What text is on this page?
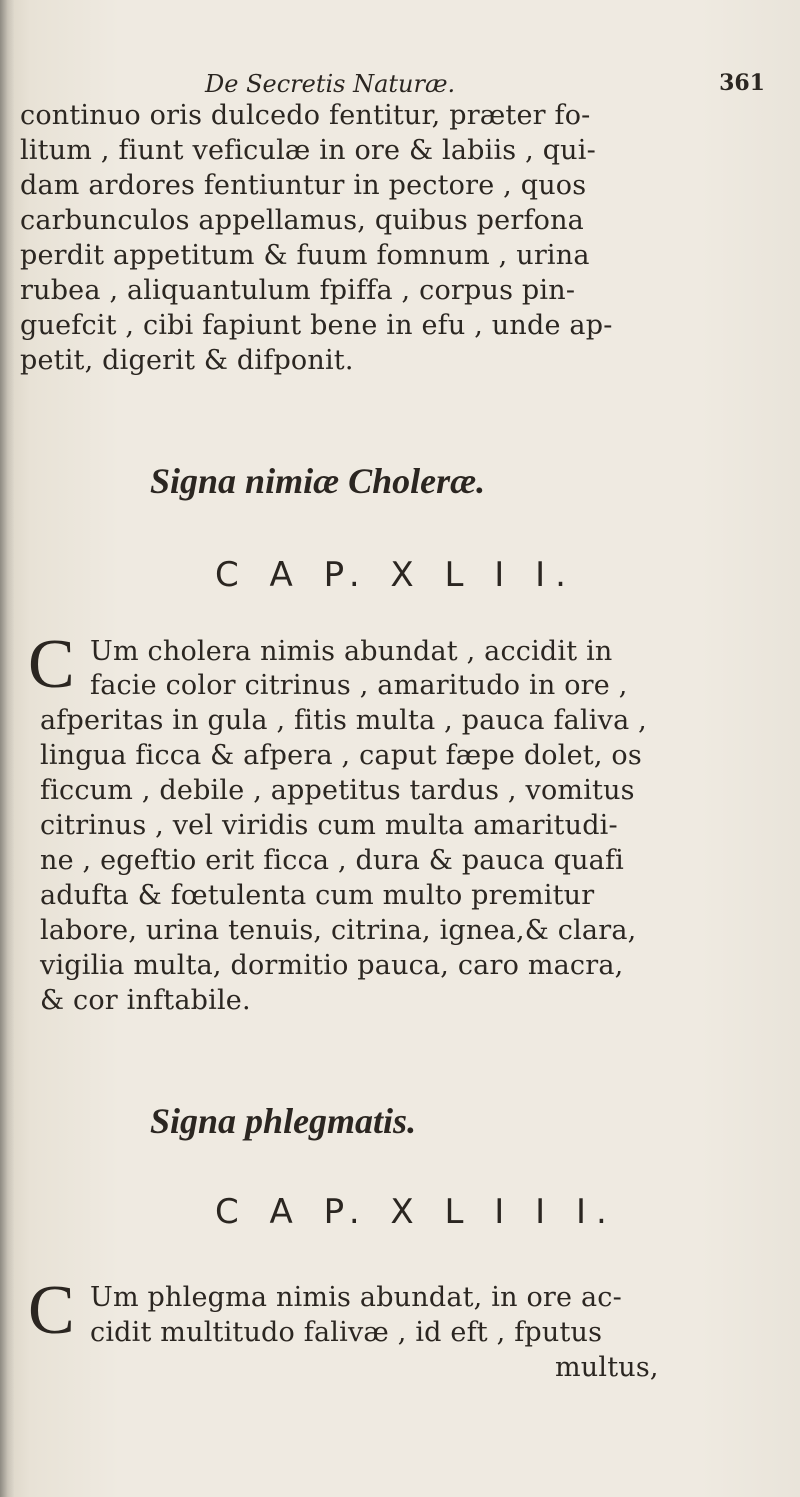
De Secretis Naturæ.	361
continuo oris dulcedo fentitur, præter fo-
litum , fiunt veficulæ in ore & labiis , qui-
dam ardores fentiuntur in pectore , quos
carbunculos appellamus, quibus perfona
perdit appetitum & fuum fomnum , urina
rubea , aliquantulum fpiffa , corpus pin-
guefcit , cibi fapiunt bene in efu , unde ap-
petit, digerit & difponit.
Signa nimiæ Choleræ.
C A P. X L I I.
C Um cholera nimis abundat , accidit in
facie color citrinus , amaritudo in ore ,
afperitas in gula , fitis multa , pauca faliva ,
lingua ficca & afpera , caput fæpe dolet, os
ficcum , debile , appetitus tardus , vomitus
citrinus , vel viridis cum multa amaritudi-
ne , egeftio erit ficca , dura & pauca quafi
adufta & fœtulenta cum multo premitur
labore, urina tenuis, citrina, ignea,& clara,
vigilia multa, dormitio pauca, caro macra,
& cor inftabile.
Signa phlegmatis.
C A P. X L I I I.
C Um phlegma nimis abundat, in ore ac-
cidit multitudo falivæ , id eft , fputus
multus,
